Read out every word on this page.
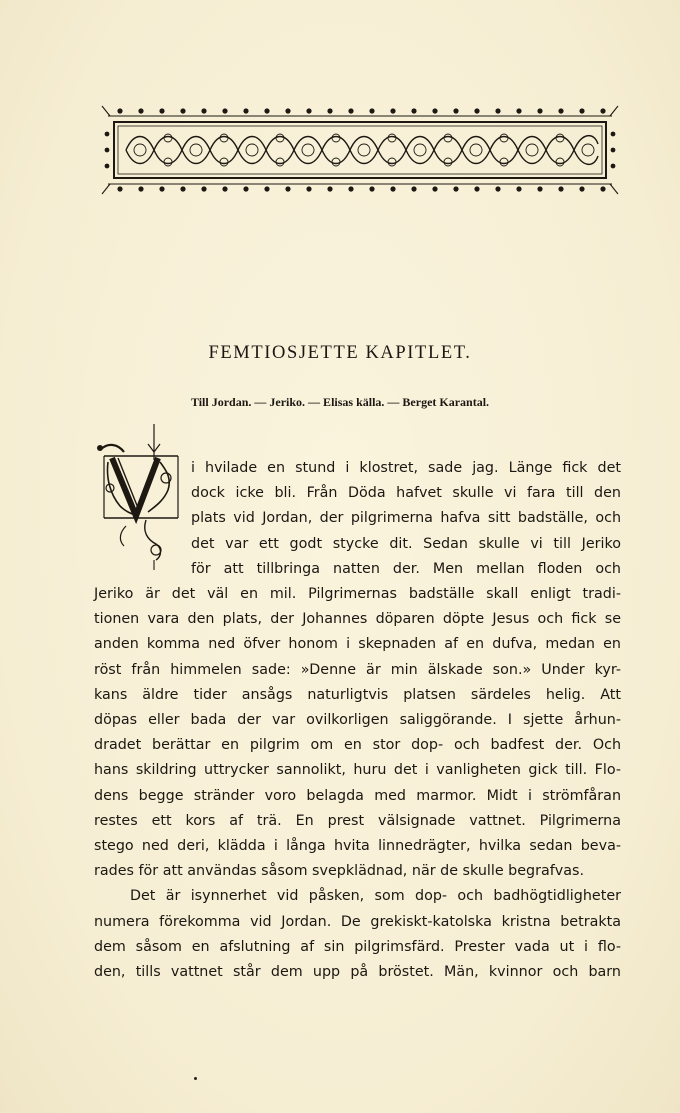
FEMTIOSJETTE KAPITLET.
Till Jordan. — Jeriko. — Elisas källa. — Berget Karantal.
i hvilade en stund i klostret, sade jag. Länge fick det
dock icke bli. Från Döda hafvet skulle vi fara till den
plats vid Jordan, der pilgrimerna hafva sitt badställe, och
det var ett godt stycke dit. Sedan skulle vi till Jeriko
för att tillbringa natten der. Men mellan floden och
Jeriko är det väl en mil. Pilgrimernas badställe skall enligt tradi-
tionen vara den plats, der Johannes döparen döpte Jesus och fick se
anden komma ned öfver honom i skepnaden af en dufva, medan en
röst från himmelen sade: »Denne är min älskade son.» Under kyr-
kans äldre tider ansågs naturligtvis platsen särdeles helig. Att
döpas eller bada der var ovilkorligen saliggörande. I sjette århun-
dradet berättar en pilgrim om en stor dop- och badfest der. Och
hans skildring uttrycker sannolikt, huru det i vanligheten gick till. Flo-
dens begge stränder voro belagda med marmor. Midt i strömfåran
restes ett kors af trä. En prest välsignade vattnet. Pilgrimerna
stego ned deri, klädda i långa hvita linnedrägter, hvilka sedan beva-
rades för att användas såsom svepklädnad, när de skulle begrafvas.
Det är isynnerhet vid påsken, som dop- och badhögtidligheter
numera förekomma vid Jordan. De grekiskt-katolska kristna betrakta
dem såsom en afslutning af sin pilgrimsfärd. Prester vada ut i flo-
den, tills vattnet står dem upp på bröstet. Män, kvinnor och barn
